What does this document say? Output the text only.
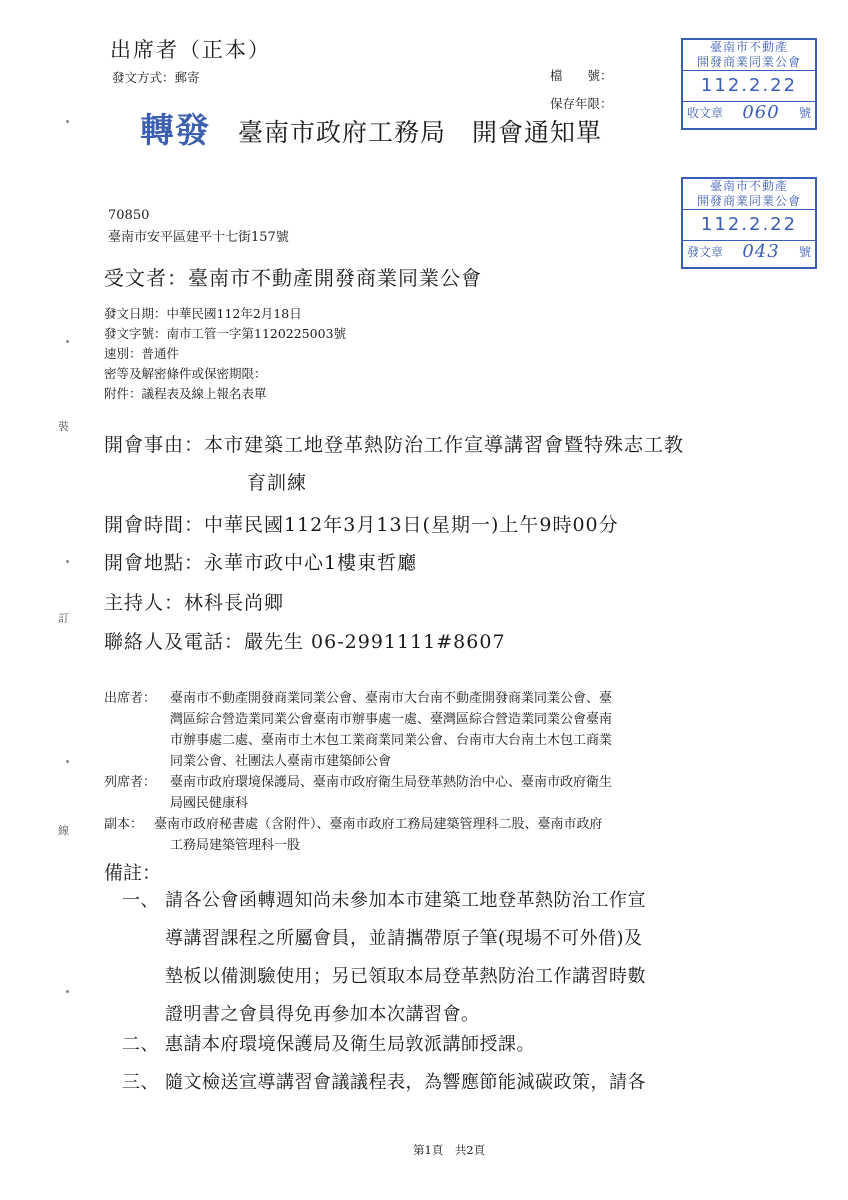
裝
訂
線
出席者（正本）
發文方式：郵寄	檔　　號：
保存年限：
轉發 臺南市政府工務局　開會通知單
臺南市不動產
開發商業同業公會
112.2.22
收文章 060 號
臺南市不動產
開發商業同業公會
112.2.22
發文章 043 號
70850
臺南市安平區建平十七街157號
受文者：臺南市不動產開發商業同業公會
發文日期：中華民國112年2月18日
發文字號：南市工管一字第1120225003號
速別：普通件
密等及解密條件或保密期限：
附件：議程表及線上報名表單
開會事由：本市建築工地登革熱防治工作宣導講習會暨特殊志工教
育訓練
開會時間：中華民國112年3月13日(星期一)上午9時00分
開會地點：永華市政中心1樓東哲廳
主持人：林科長尚卿
聯絡人及電話：嚴先生 06-2991111#8607
出席者： 臺南市不動產開發商業同業公會、臺南市大台南不動產開發商業同業公會、臺
灣區綜合營造業同業公會臺南市辦事處一處、臺灣區綜合營造業同業公會臺南
市辦事處二處、臺南市土木包工業商業同業公會、台南市大台南土木包工商業
同業公會、社團法人臺南市建築師公會
列席者： 臺南市政府環境保護局、臺南市政府衛生局登革熱防治中心、臺南市政府衛生
局國民健康科
副本： 臺南市政府秘書處（含附件）、臺南市政府工務局建築管理科二股、臺南市政府
工務局建築管理科一股
備註：
一、 請各公會函轉週知尚未參加本市建築工地登革熱防治工作宣
導講習課程之所屬會員，並請攜帶原子筆(現場不可外借)及
墊板以備測驗使用；另已領取本局登革熱防治工作講習時數
證明書之會員得免再參加本次講習會。
二、 惠請本府環境保護局及衛生局敦派講師授課。
三、 隨文檢送宣導講習會議議程表，為響應節能減碳政策，請各
第1頁　共2頁
